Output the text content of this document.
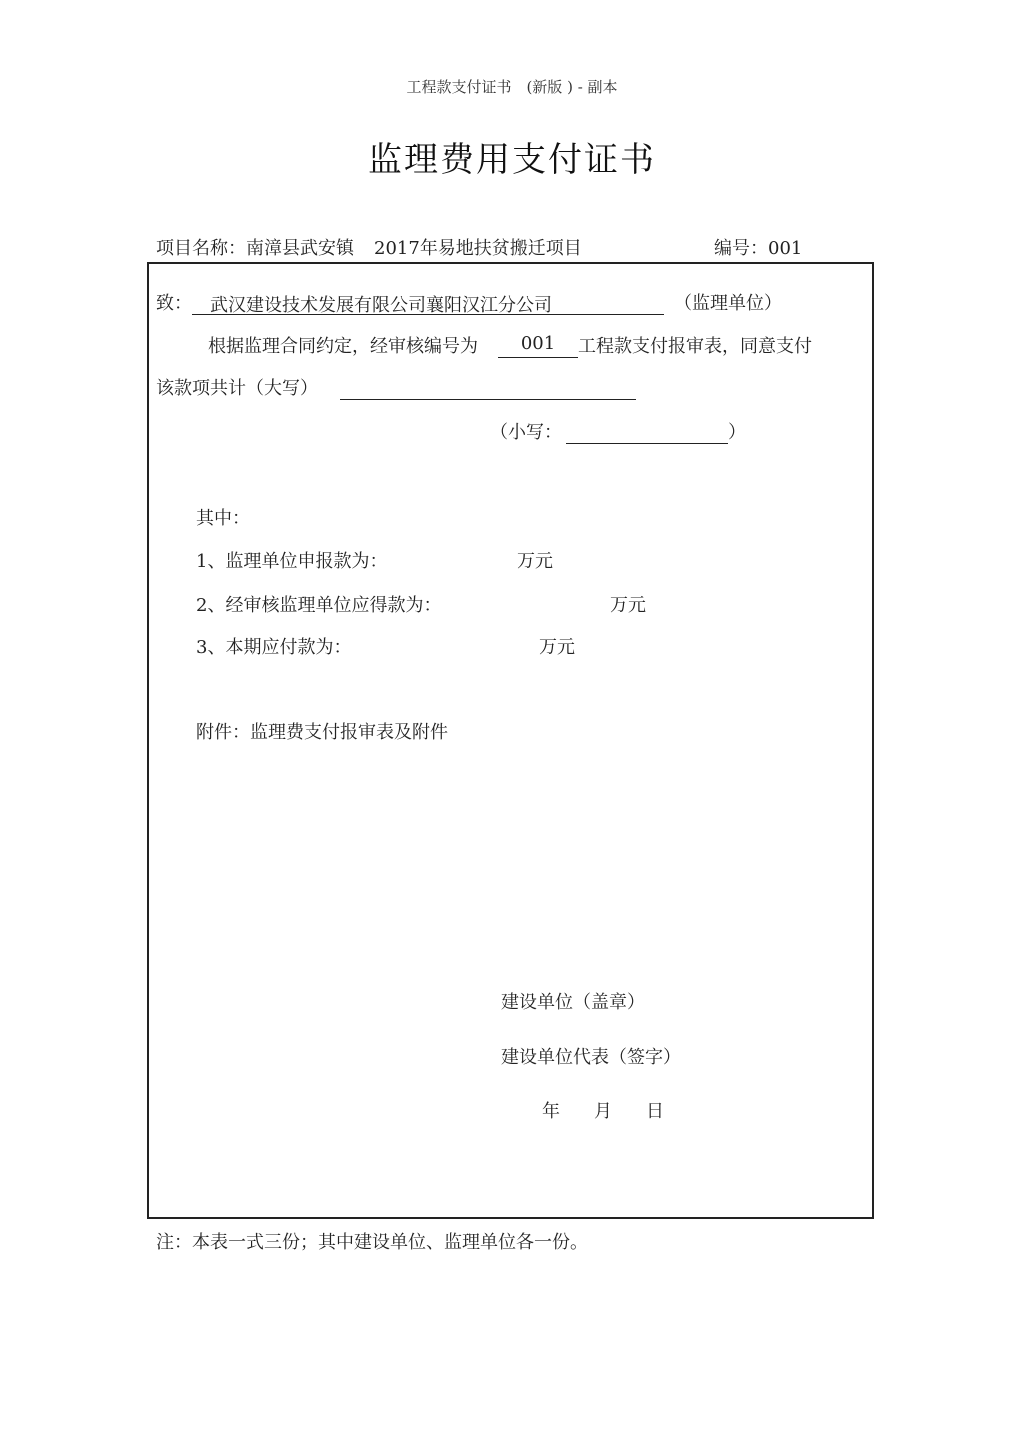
工程款支付证书　(新版 ) - 副本
监理费用支付证书
项目名称：南漳县武安镇 2017年易地扶贫搬迁项目	编号：001
致： 武汉建设技术发展有限公司襄阳汉江分公司	（监理单位）
根据监理合同约定，经审核编号为 001 工程款支付报审表，同意支付
该款项共计（大写）
（小写：	）
其中：
1、监理单位申报款为：	万元
2、经审核监理单位应得款为：	万元
3、本期应付款为：	万元
附件：监理费支付报审表及附件
建设单位（盖章）
建设单位代表（签字）
年 月 日
注：本表一式三份；其中建设单位、监理单位各一份。
